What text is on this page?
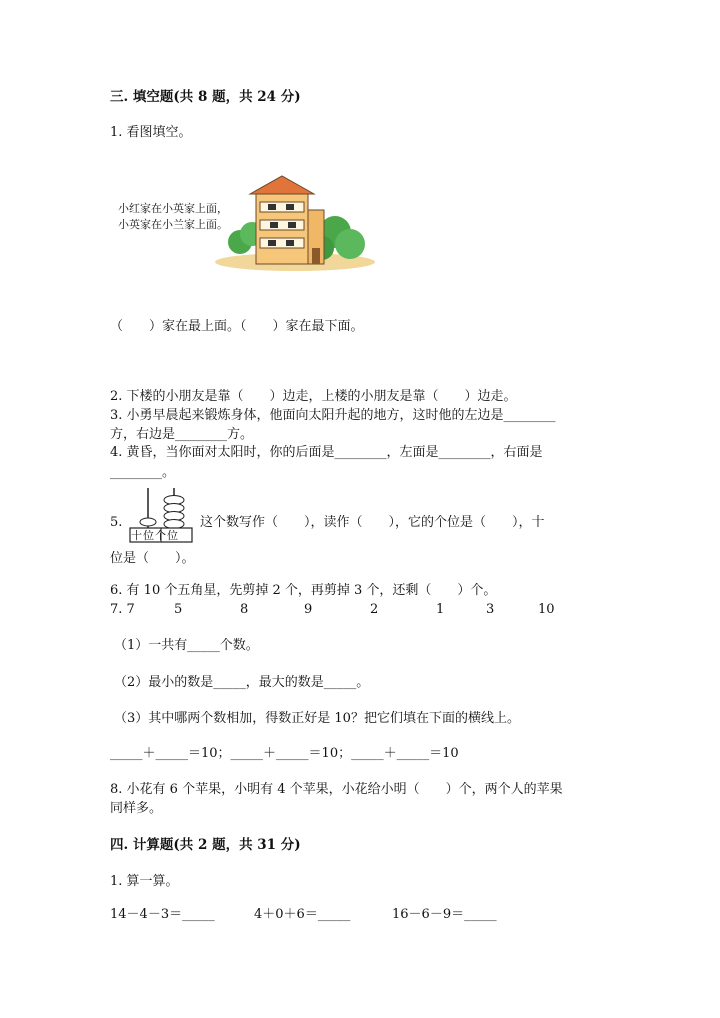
三. 填空题(共 8 题，共 24 分)
1. 看图填空。
小红家在小英家上面，
小英家在小兰家上面。
（　　）家在最上面。（　　）家在最下面。
2. 下楼的小朋友是靠（　　）边走，上楼的小朋友是靠（　　）边走。
3. 小勇早晨起来锻炼身体，他面向太阳升起的地方，这时他的左边是________
方，右边是________方。
4. 黄昏，当你面对太阳时，你的后面是________，左面是________，右面是
________。
5.
十位个位
这个数写作（　　），读作（　　），它的个位是（　　），十
位是（　　）。
6. 有 10 个五角星，先剪掉 2 个，再剪掉 3 个，还剩（　　）个。
7. 7	5	8	9	2	1	3	10
（1）一共有_____个数。
（2）最小的数是_____，最大的数是_____。
（3）其中哪两个数相加，得数正好是 10？把它们填在下面的横线上。
_____＋_____＝10；_____＋_____＝10；_____＋_____＝10
8. 小花有 6 个苹果，小明有 4 个苹果，小花给小明（　　）个，两个人的苹果
同样多。
四. 计算题(共 2 题，共 31 分)
1. 算一算。
14－4－3＝_____	4＋0＋6＝_____	16－6－9＝_____
